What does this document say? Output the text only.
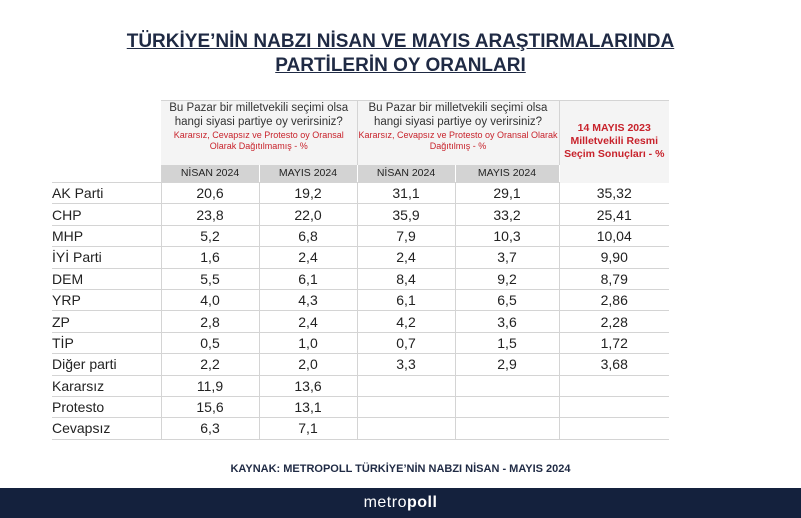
TÜRKİYE’NİN NABZI NİSAN VE MAYIS ARAŞTIRMALARINDA
PARTİLERİN OY ORANLARI

	Bu Pazar bir milletvekili seçimi olsa hangi siyasi partiye oy verirsiniz?
Kararsız, Cevapsız ve Protesto oy Oransal Olarak Dağıtılmamış - %		Bu Pazar bir milletvekili seçimi olsa hangi siyasi partiye oy verirsiniz?
Kararsız, Cevapsız ve Protesto oy Oransal Olarak Dağıtılmış - %		14 MAYIS 2023 Milletvekili Resmi Seçim Sonuçları - %

	NİSAN 2024	MAYIS 2024	NİSAN 2024	MAYIS 2024	
AK Parti	20,6	19,2	31,1	29,1	35,32
CHP	23,8	22,0	35,9	33,2	25,41
MHP	5,2	6,8	7,9	10,3	10,04
İYİ Parti	1,6	2,4	2,4	3,7	9,90
DEM	5,5	6,1	8,4	9,2	8,79
YRP	4,0	4,3	6,1	6,5	2,86
ZP	2,8	2,4	4,2	3,6	2,28
TİP	0,5	1,0	0,7	1,5	1,72
Diğer parti	2,2	2,0	3,3	2,9	3,68
Kararsız	11,9	13,6			
Protesto	15,6	13,1			
Cevapsız	6,3	7,1			
KAYNAK: METROPOLL TÜRKİYE’NİN NABZI NİSAN - MAYIS 2024
metropoll
